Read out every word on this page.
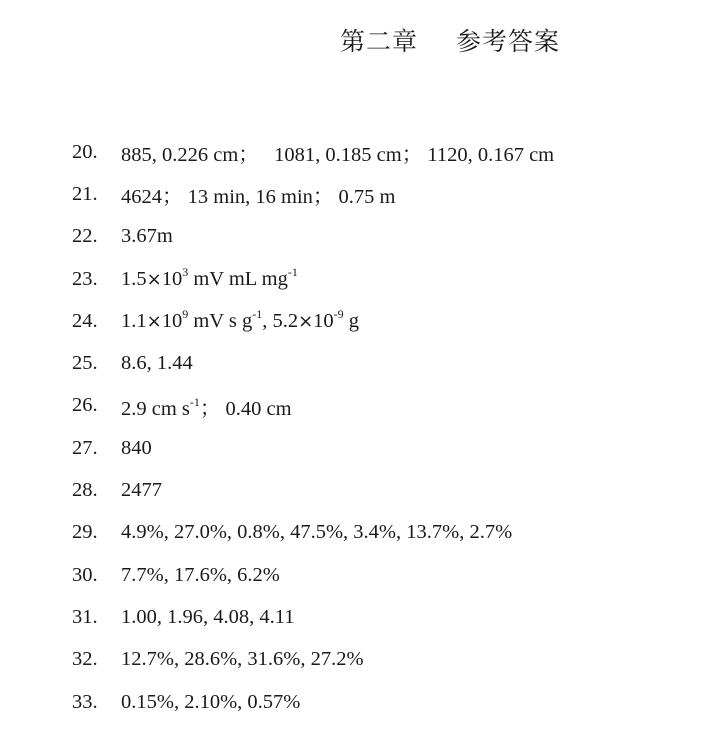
第二章 参考答案
20.	885, 0.226 cm；   1081, 0.185 cm； 1120, 0.167 cm
21.	4624； 13 min, 16 min； 0.75 m
22.	3.67m
23.	$1.5\times 10^3$ mV mL $mg^{-1}$
24.	$1.1\times 10^9$ mV s $g^{-1}$, $5.2\times 10^{-9}$ g
25.	8.6, 1.44
26.	2.9 cm $s^{-1}$； 0.40 cm
27.	840
28.	2477
29.	4.9%, 27.0%, 0.8%, 47.5%, 3.4%, 13.7%, 2.7%
30.	7.7%, 17.6%, 6.2%
31.	1.00, 1.96, 4.08, 4.11
32.	12.7%, 28.6%, 31.6%, 27.2%
33.	0.15%, 2.10%, 0.57%
